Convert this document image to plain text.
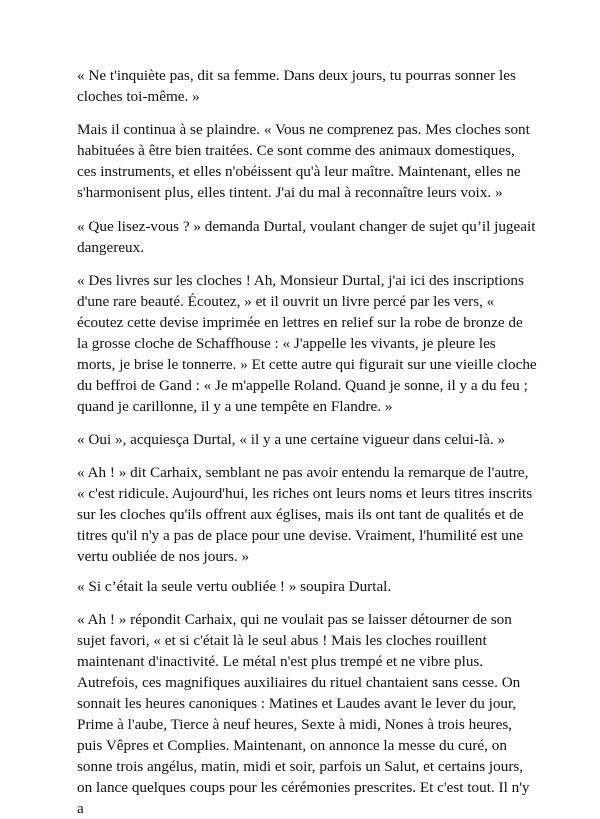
« Ne t'inquiète pas, dit sa femme. Dans deux jours, tu pourras sonner les cloches toi-même. »

Mais il continua à se plaindre. « Vous ne comprenez pas. Mes cloches sont habituées à être bien traitées. Ce sont comme des animaux domestiques, ces instruments, et elles n'obéissent qu'à leur maître. Maintenant, elles ne s'harmonisent plus, elles tintent. J'ai du mal à reconnaître leurs voix. »

« Que lisez-vous ? » demanda Durtal, voulant changer de sujet qu’il jugeait dangereux.

« Des livres sur les cloches ! Ah, Monsieur Durtal, j'ai ici des inscriptions d'une rare beauté. Écoutez, » et il ouvrit un livre percé par les vers, « écoutez cette devise imprimée en lettres en relief sur la robe de bronze de la grosse cloche de Schaffhouse : « J'appelle les vivants, je pleure les morts, je brise le tonnerre. » Et cette autre qui figurait sur une vieille cloche du beffroi de Gand : « Je m'appelle Roland. Quand je sonne, il y a du feu ; quand je carillonne, il y a une tempête en Flandre. »

« Oui », acquiesça Durtal, « il y a une certaine vigueur dans celui-là. »

« Ah ! » dit Carhaix, semblant ne pas avoir entendu la remarque de l'autre, « c'est ridicule. Aujourd'hui, les riches ont leurs noms et leurs titres inscrits sur les cloches qu'ils offrent aux églises, mais ils ont tant de qualités et de titres qu'il n'y a pas de place pour une devise. Vraiment, l'humilité est une vertu oubliée de nos jours. »

« Si c’était la seule vertu oubliée ! » soupira Durtal.

« Ah ! » répondit Carhaix, qui ne voulait pas se laisser détourner de son sujet favori, « et si c'était là le seul abus ! Mais les cloches rouillent maintenant d'inactivité. Le métal n'est plus trempé et ne vibre plus. Autrefois, ces magnifiques auxiliaires du rituel chantaient sans cesse. On sonnait les heures canoniques : Matines et Laudes avant le lever du jour, Prime à l'aube, Tierce à neuf heures, Sexte à midi, Nones à trois heures, puis Vêpres et Complies. Maintenant, on annonce la messe du curé, on sonne trois angélus, matin, midi et soir, parfois un Salut, et certains jours, on lance quelques coups pour les cérémonies prescrites. Et c'est tout. Il n'y a
